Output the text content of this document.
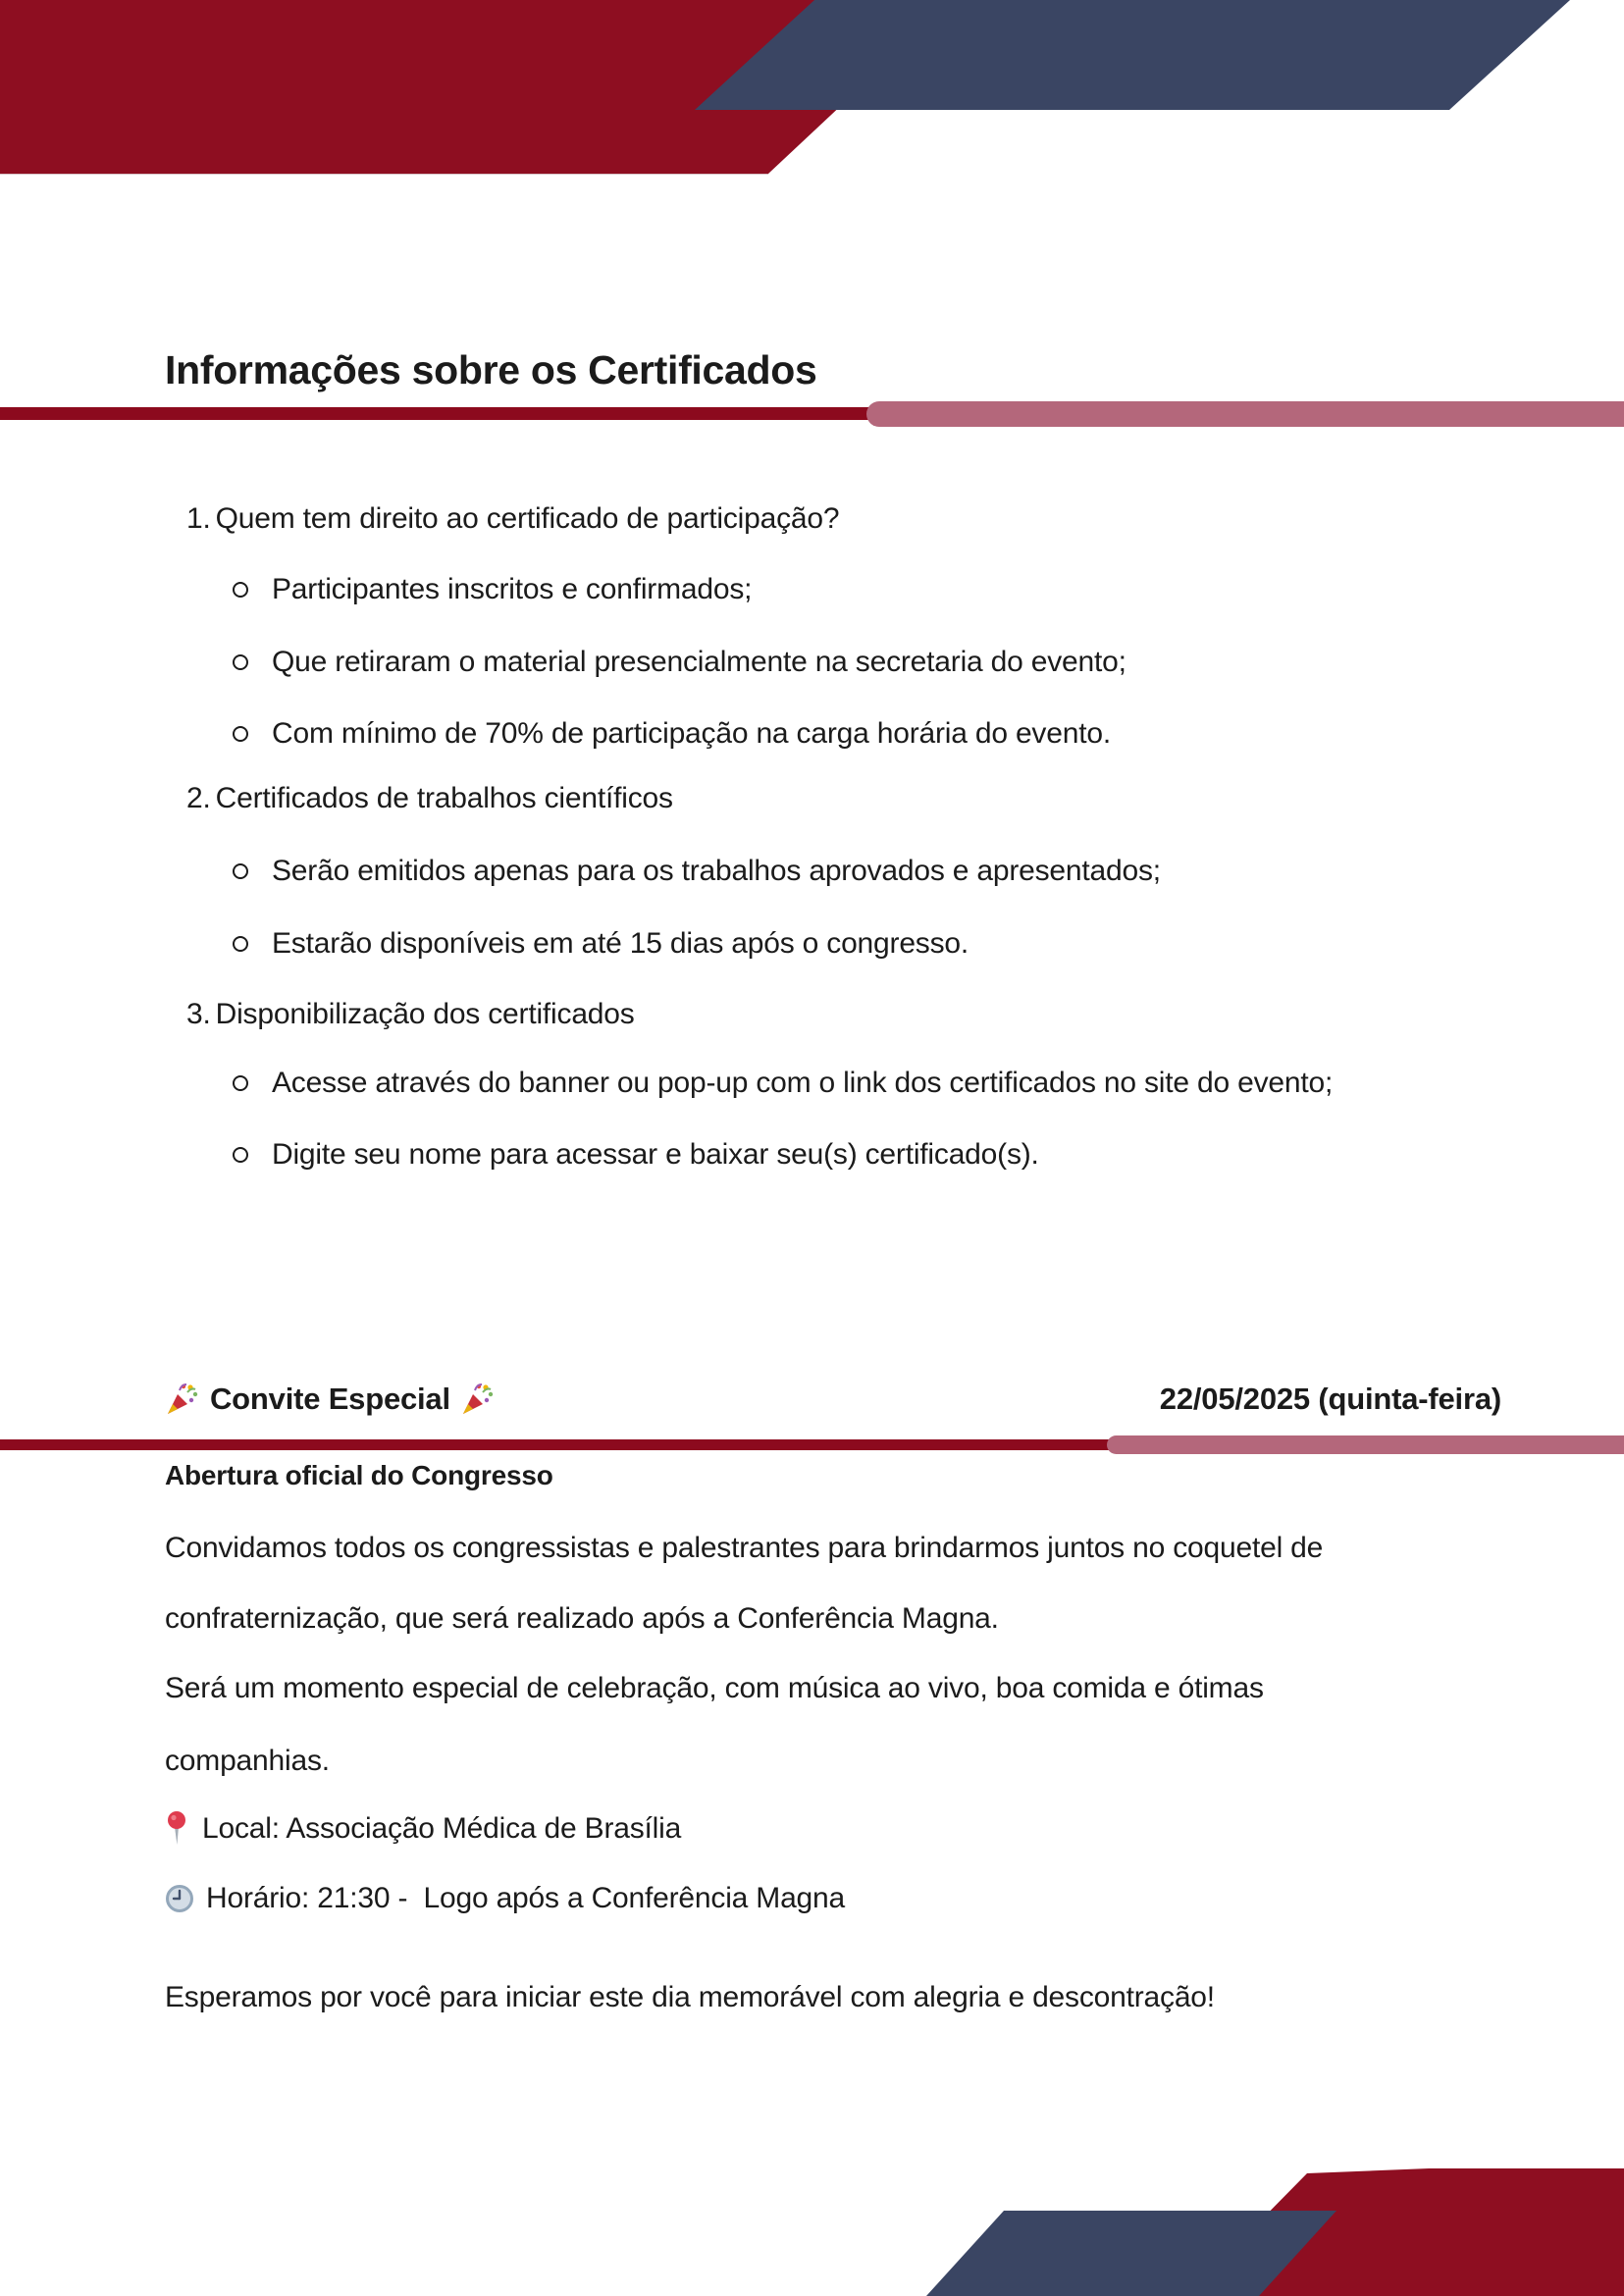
Informações sobre os Certificados
1. Quem tem direito ao certificado de participação?
Participantes inscritos e confirmados;
Que retiraram o material presencialmente na secretaria do evento;
Com mínimo de 70% de participação na carga horária do evento.
2. Certificados de trabalhos científicos
Serão emitidos apenas para os trabalhos aprovados e apresentados;
Estarão disponíveis em até 15 dias após o congresso.
3. Disponibilização dos certificados
Acesse através do banner ou pop-up com o link dos certificados no site do evento;
Digite seu nome para acessar e baixar seu(s) certificado(s).
Convite Especial	22/05/2025 (quinta-feira)
Abertura oficial do Congresso
Convidamos todos os congressistas e palestrantes para brindarmos juntos no coquetel de
confraternização, que será realizado após a Conferência Magna.
Será um momento especial de celebração, com música ao vivo, boa comida e ótimas
companhias.
Local: Associação Médica de Brasília
Horário: 21:30 -  Logo após a Conferência Magna
Esperamos por você para iniciar este dia memorável com alegria e descontração!
